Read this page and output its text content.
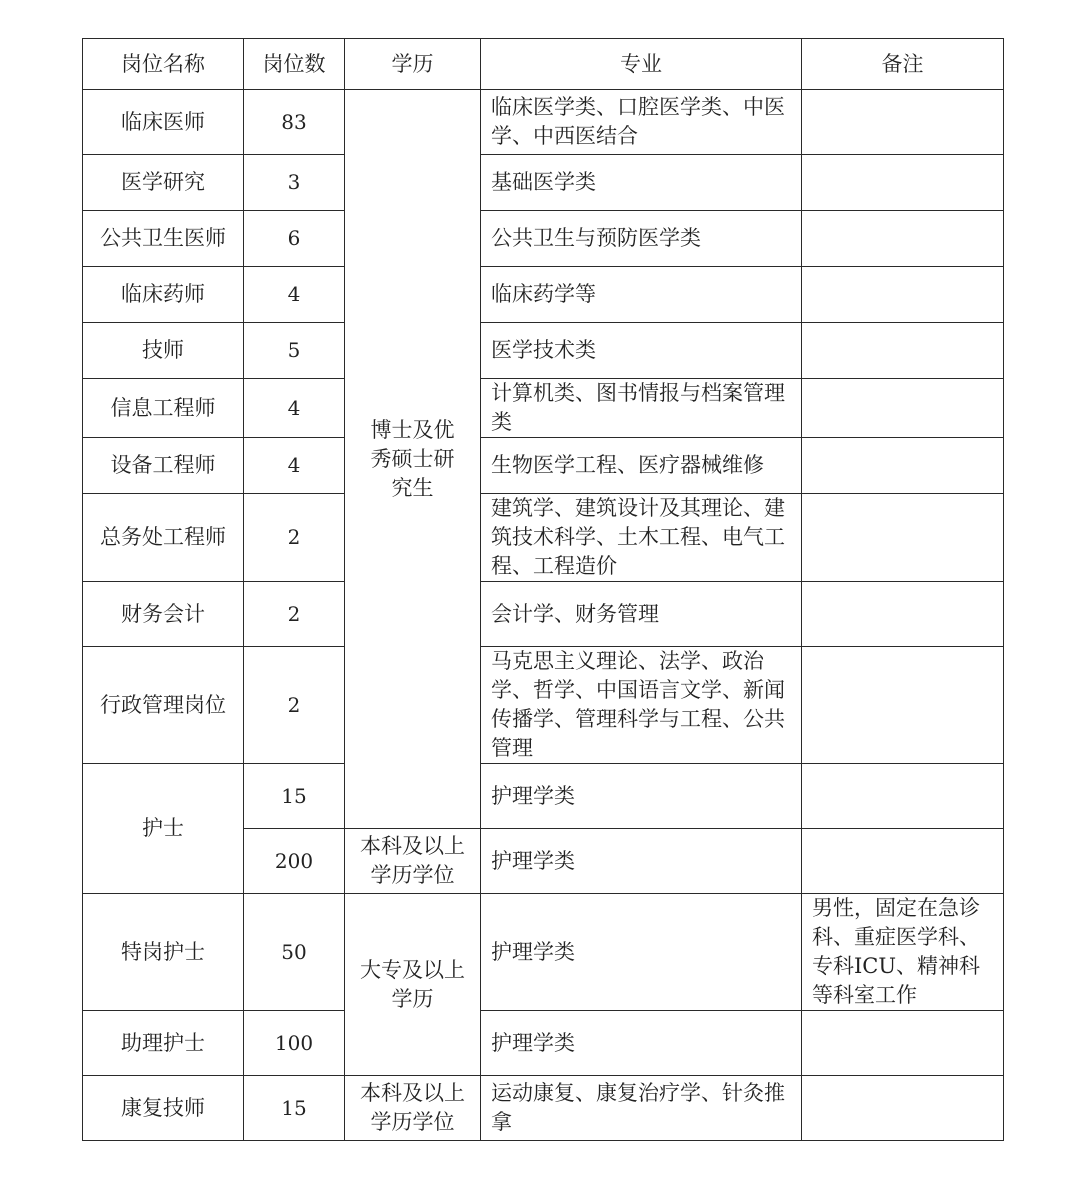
岗位名称	岗位数	学历	专业	备注
临床医师	83	博士及优秀硕士研究生	临床医学类、口腔医学类、中医学、中西医结合	
医学研究	3		基础医学类	
公共卫生医师	6		公共卫生与预防医学类	
临床药师	4		临床药学等	
技师	5		医学技术类	
信息工程师	4		计算机类、图书情报与档案管理类	
设备工程师	4		生物医学工程、医疗器械维修	
总务处工程师	2		建筑学、建筑设计及其理论、建筑技术科学、土木工程、电气工程、工程造价	
财务会计	2		会计学、财务管理	
行政管理岗位	2		马克思主义理论、法学、政治学、哲学、中国语言文学、新闻传播学、管理科学与工程、公共管理	
护士	15		护理学类	
	200	本科及以上学历学位	护理学类	
特岗护士	50	大专及以上学历	护理学类	男性，固定在急诊科、重症医学科、专科ICU、精神科等科室工作
助理护士	100		护理学类	
康复技师	15	本科及以上学历学位	运动康复、康复治疗学、针灸推拿	
